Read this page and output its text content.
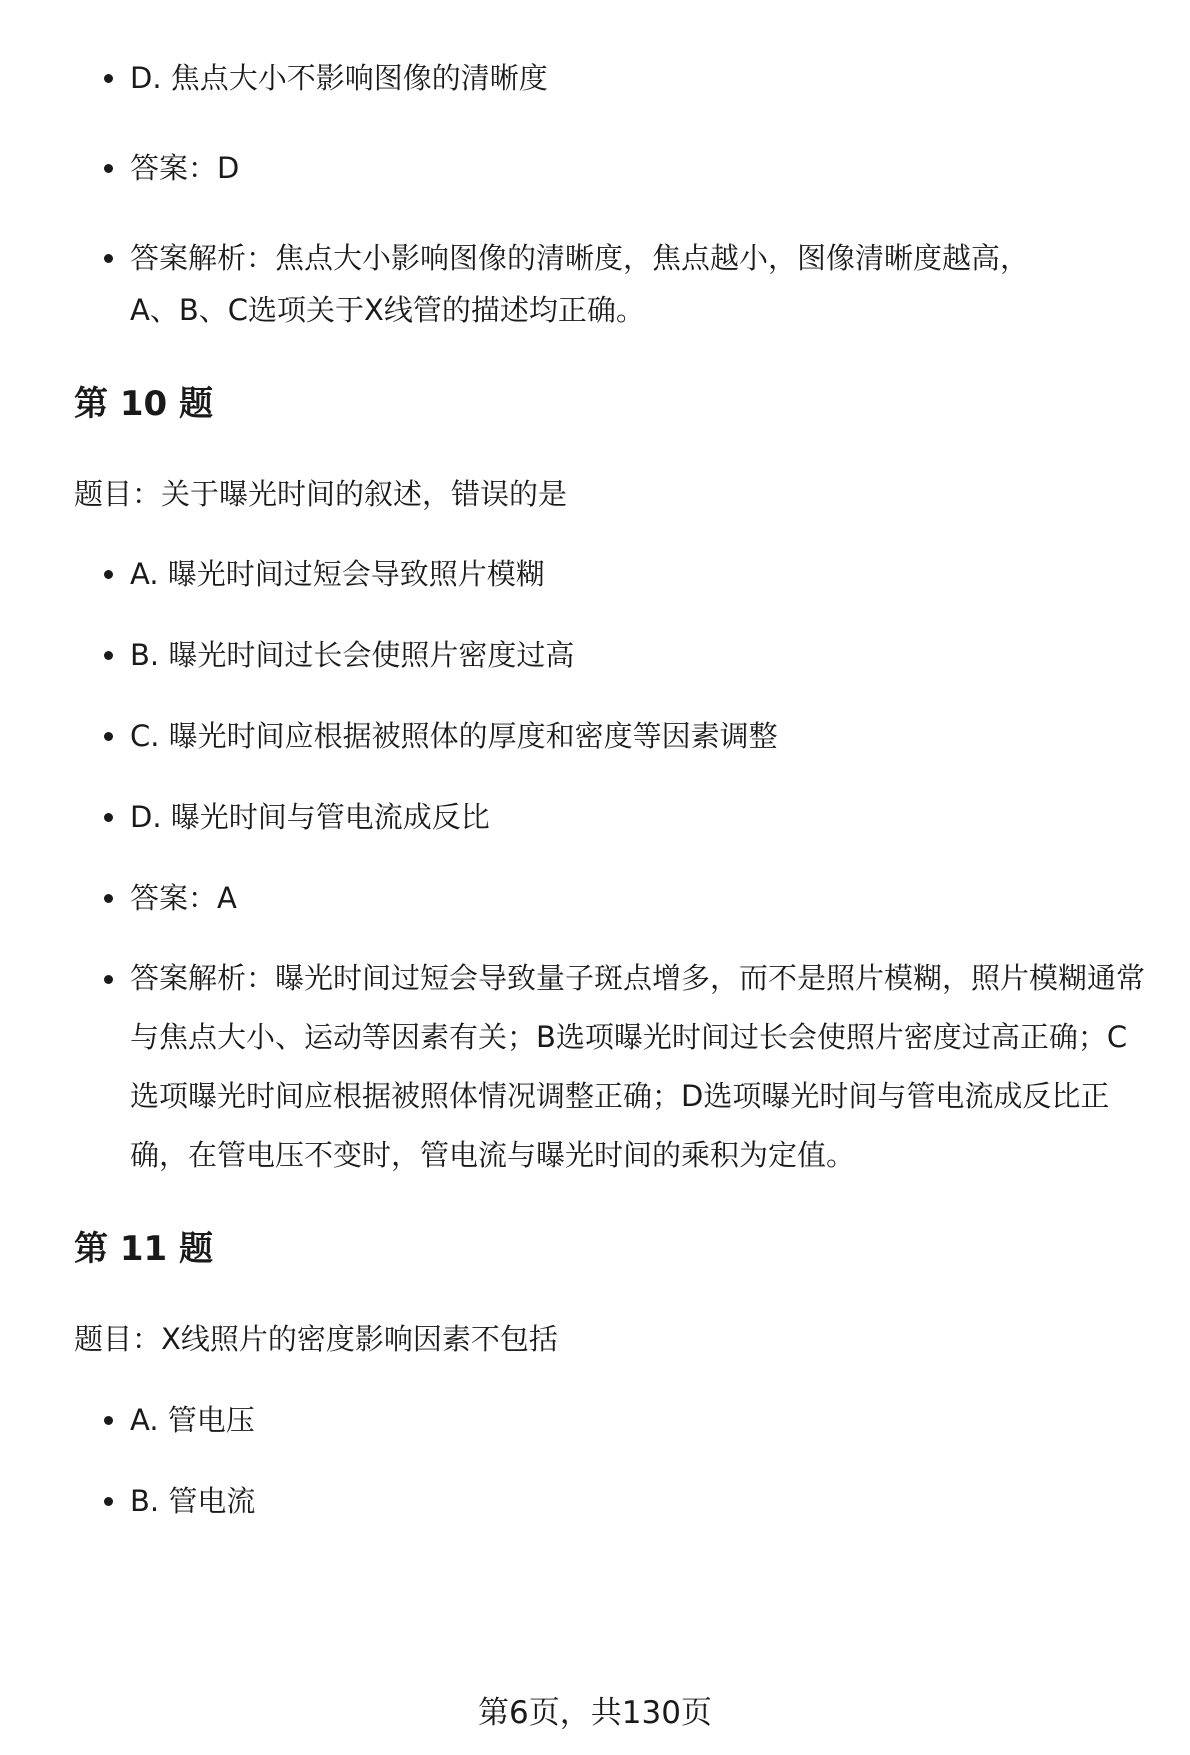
D. 焦点大小不影响图像的清晰度
答案：D
答案解析：焦点大小影响图像的清晰度，焦点越小，图像清晰度越高，A、B、C选项关于X线管的描述均正确。
第 10 题

题目：关于曝光时间的叙述，错误的是

A. 曝光时间过短会导致照片模糊
B. 曝光时间过长会使照片密度过高
C. 曝光时间应根据被照体的厚度和密度等因素调整
D. 曝光时间与管电流成反比
答案：A
答案解析：曝光时间过短会导致量子斑点增多，而不是照片模糊，照片模糊通常与焦点大小、运动等因素有关；B选项曝光时间过长会使照片密度过高正确；C选项曝光时间应根据被照体情况调整正确；D选项曝光时间与管电流成反比正确，在管电压不变时，管电流与曝光时间的乘积为定值。
第 11 题

题目：X线照片的密度影响因素不包括

A. 管电压
B. 管电流
第6页，共130页
